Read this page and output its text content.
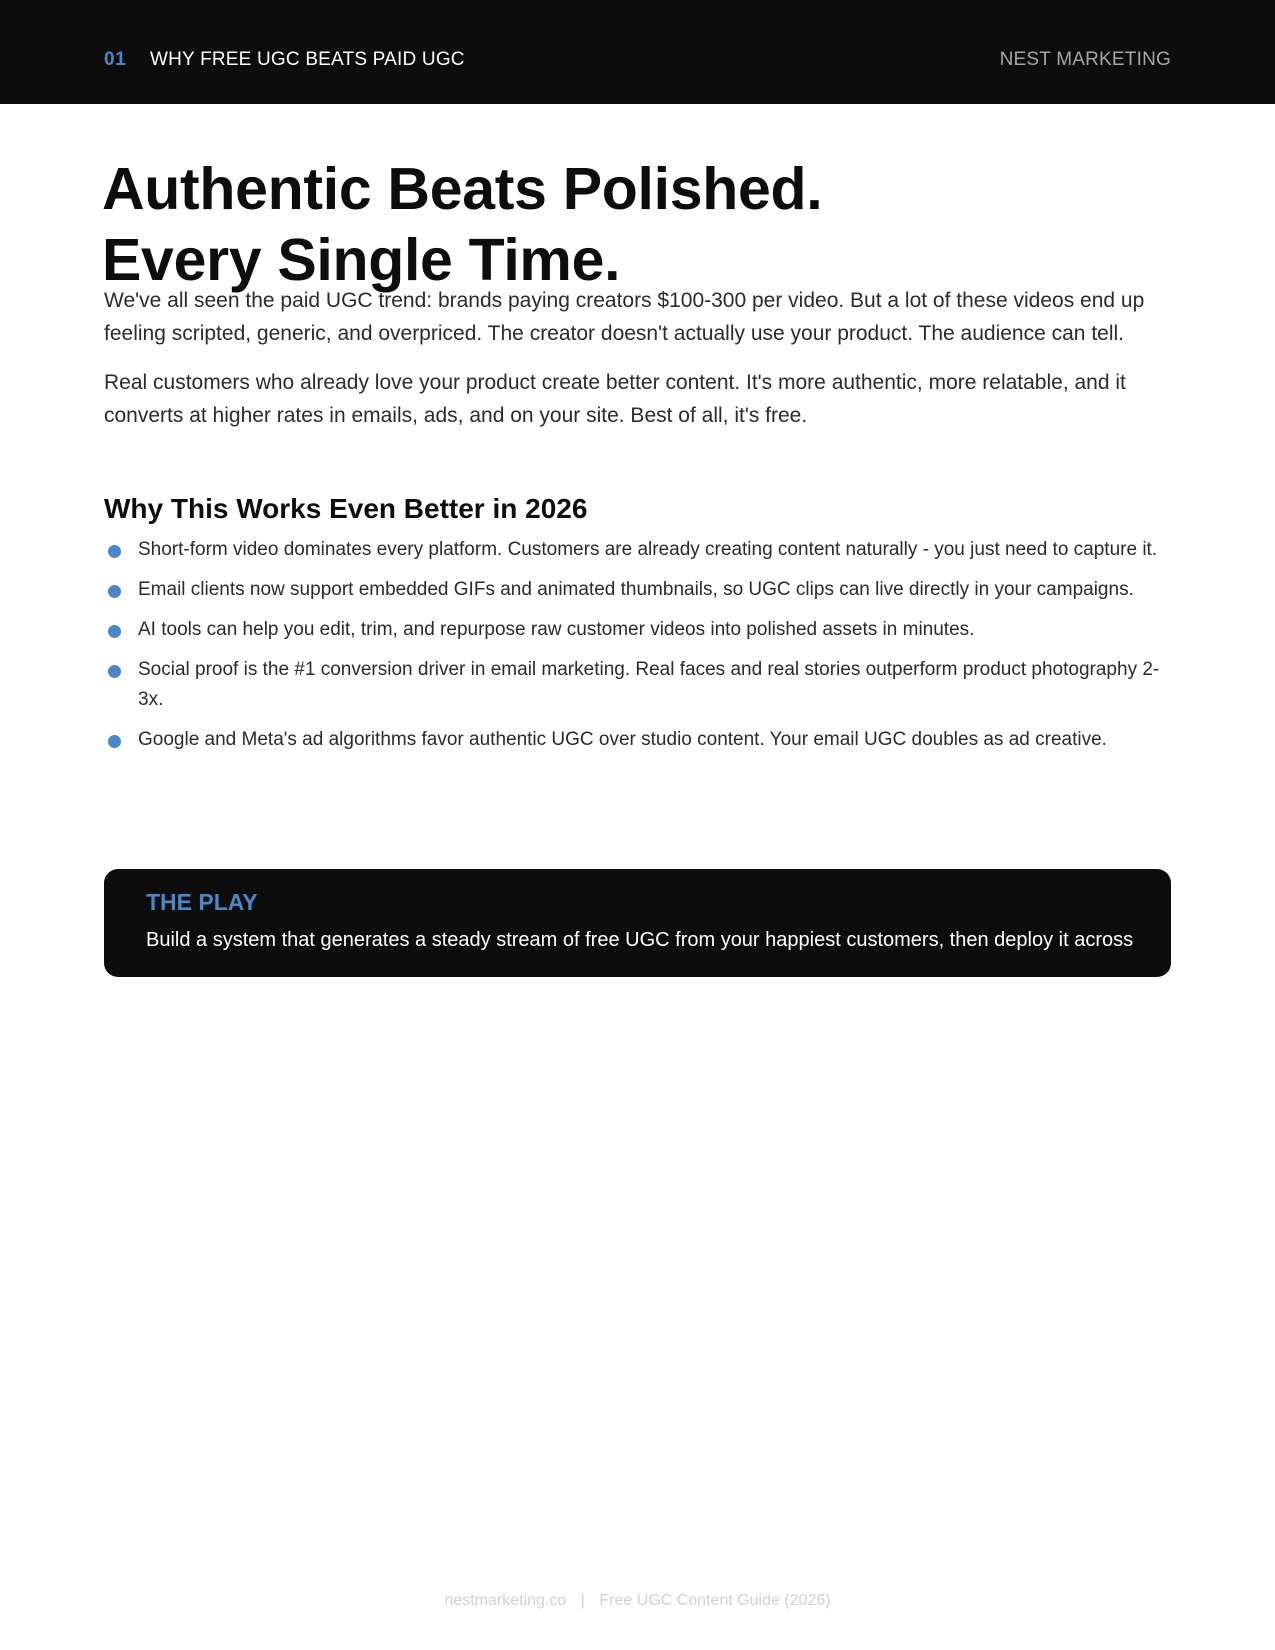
01 WHY FREE UGC BEATS PAID UGC	NEST MARKETING
Authentic Beats Polished.
Every Single Time.

We've all seen the paid UGC trend: brands paying creators $100-300 per video. But a lot of these videos end up feeling scripted, generic, and overpriced. The creator doesn't actually use your product. The audience can tell.

Real customers who already love your product create better content. It's more authentic, more relatable, and it converts at higher rates in emails, ads, and on your site. Best of all, it's free.

Why This Works Even Better in 2026
Short-form video dominates every platform. Customers are already creating content naturally - you just need to capture it.
Email clients now support embedded GIFs and animated thumbnails, so UGC clips can live directly in your campaigns.
AI tools can help you edit, trim, and repurpose raw customer videos into polished assets in minutes.
Social proof is the #1 conversion driver in email marketing. Real faces and real stories outperform product photography 2-3x.
Google and Meta's ad algorithms favor authentic UGC over studio content. Your email UGC doubles as ad creative.
THE PLAY
Build a system that generates a steady stream of free UGC from your happiest customers, then deploy it across
nestmarketing.co | Free UGC Content Guide (2026)
